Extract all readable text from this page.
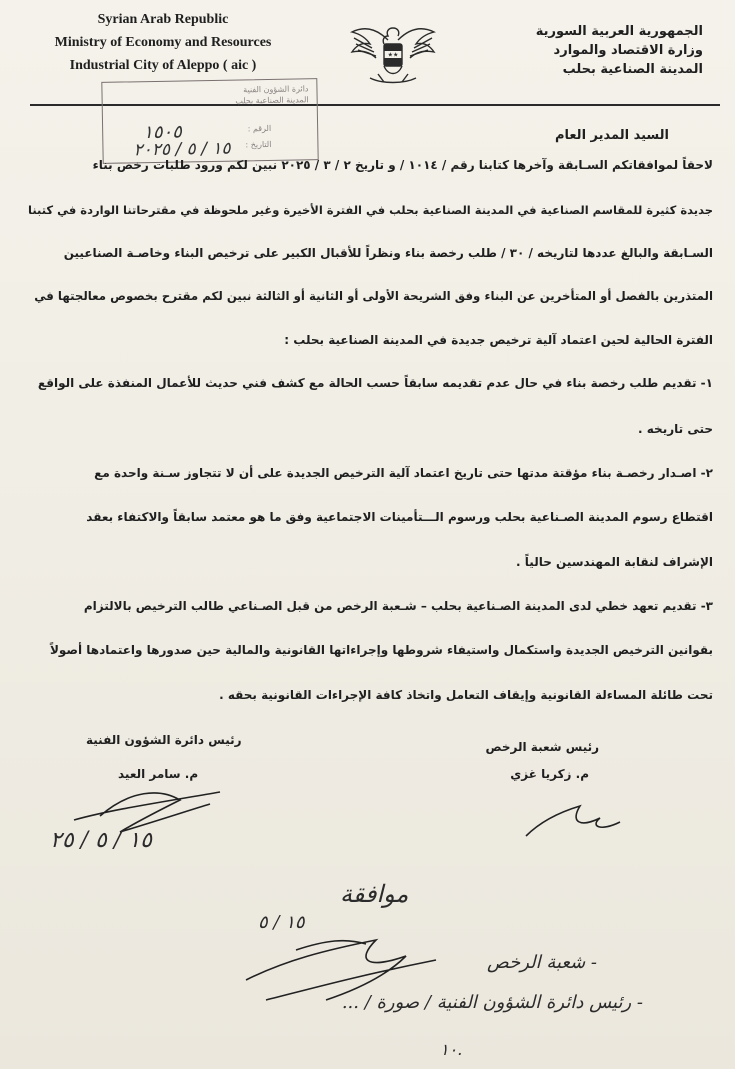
Syrian Arab Republic
Ministry of Economy and Resources
Industrial City of Aleppo ( aic )
★★
الجمهورية العربية السورية
وزارة الاقتصاد والموارد
المدينة الصناعية بحلب
دائرة الشؤون الفنية
المدينة الصناعية بحلب
الرقم :
التاريخ :
١٥٠٥
١٥ / ٥ / ٢٠٢٥
السيد المدير العام
لاحقاً لموافقاتكم السـابقة وآخرها كتابنا رقم / ١٠١٤ / و تاريخ ٢ / ٣ / ٢٠٢٥ نبين لكم ورود طلبات رخص بناء
جديدة كثيرة للمقاسم الصناعية في المدينة الصناعية بحلب في الفترة الأخيرة وغير ملحوظة في مقترحاتنا الواردة في كتبنا
السـابقة والبالغ عددها لتاريخه / ٣٠ / طلب رخصة بناء ونظراً للأقبال الكبير على ترخيص البناء وخاصـة الصناعيين
المتذرين بالفصل أو المتأخرين عن البناء وفق الشريحة الأولى أو الثانية أو الثالثة نبين لكم مقترح بخصوص معالجتها في
الفترة الحالية لحين اعتماد آلية ترخيص جديدة في المدينة الصناعية بحلب :
١- تقديم طلب رخصة بناء في حال عدم تقديمه سابقاً حسب الحالة مع كشف فني حديث للأعمال المنفذة على الواقع
حتى تاريخه .
٢- اصـدار رخصـة بناء مؤقتة مدتها حتى تاريخ اعتماد آلية الترخيص الجديدة على أن لا تتجاوز سـنة واحدة مع
اقتطاع رسوم المدينة الصـناعية بحلب ورسوم الـــتأمينات الاجتماعية وفق ما هو معتمد سابقاً والاكتفاء بعقد
الإشراف لنقابة المهندسين حالياً .
٣- تقديم تعهد خطي لدى المدينة الصـناعية بحلب – شـعبة الرخص من قبل الصـناعي طالب الترخيص بالالتزام
بقوانين الترخيص الجديدة واستكمال واستيفاء شروطها وإجراءاتها القانونية والمالية حين صدورها واعتمادها أصولاً
تحت طائلة المساءلة القانونية وإيقاف التعامل واتخاذ كافة الإجراءات القانونية بحقه .
رئيس شعبة الرخص
م. زكريا غزي
رئيس دائرة الشؤون الفنية
م. سامر العيد
١٥ / ٥ / ٢٥
موافقة
١٥ / ٥
- شعبة الرخص
- رئيس دائرة الشؤون الفنية / صورة / ...
١٠.
